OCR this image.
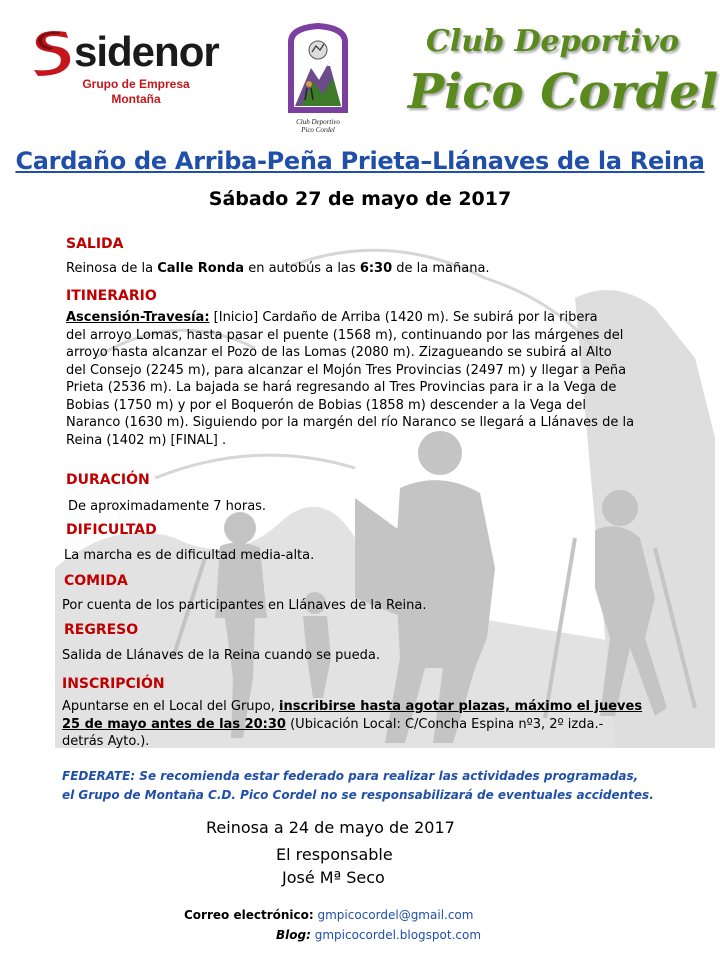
sidenor
Grupo de Empresa
Montaña
REINOSA
Club Deportivo
Pico Cordel
Club Deportivo
Pico Cordel
Cardaño de Arriba-Peña Prieta–Llánaves de la Reina
Sábado 27 de mayo de 2017
SALIDA
Reinosa de la Calle Ronda en autobús a las 6:30 de la mañana.
ITINERARIO
Ascensión-Travesía: [Inicio] Cardaño de Arriba (1420 m). Se subirá por la ribera
del arroyo Lomas, hasta pasar el puente (1568 m), continuando por las márgenes del
arroyo hasta alcanzar el Pozo de las Lomas (2080 m). Zizagueando se subirá al Alto
del Consejo (2245 m), para alcanzar el Mojón Tres Provincias (2497 m) y llegar a Peña
Prieta (2536 m). La bajada se hará regresando al Tres Provincias para ir a la Vega de
Bobias (1750 m) y por el Boquerón de Bobias (1858 m) descender a la Vega del
Naranco (1630 m). Siguiendo por la margén del río Naranco se llegará a Llánaves de la
Reina (1402 m) [FINAL] .
DURACIÓN
De aproximadamente 7 horas.
DIFICULTAD
La marcha es de dificultad media-alta.
COMIDA
Por cuenta de los participantes en Llánaves de la Reina.
REGRESO
Salida de Llánaves de la Reina cuando se pueda.
INSCRIPCIÓN
Apuntarse en el Local del Grupo, inscribirse hasta agotar plazas, máximo el jueves
25 de mayo antes de las 20:30 (Ubicación Local: C/Concha Espina nº3, 2º izda.-
detrás Ayto.).
FEDERATE: Se recomienda estar federado para realizar las actividades programadas,
el Grupo de Montaña C.D. Pico Cordel no se responsabilizará de eventuales accidentes.
Reinosa a 24 de mayo de 2017
El responsable
José Mª Seco
Correo electrónico: gmpicocordel@gmail.com
Blog: gmpicocordel.blogspot.com
